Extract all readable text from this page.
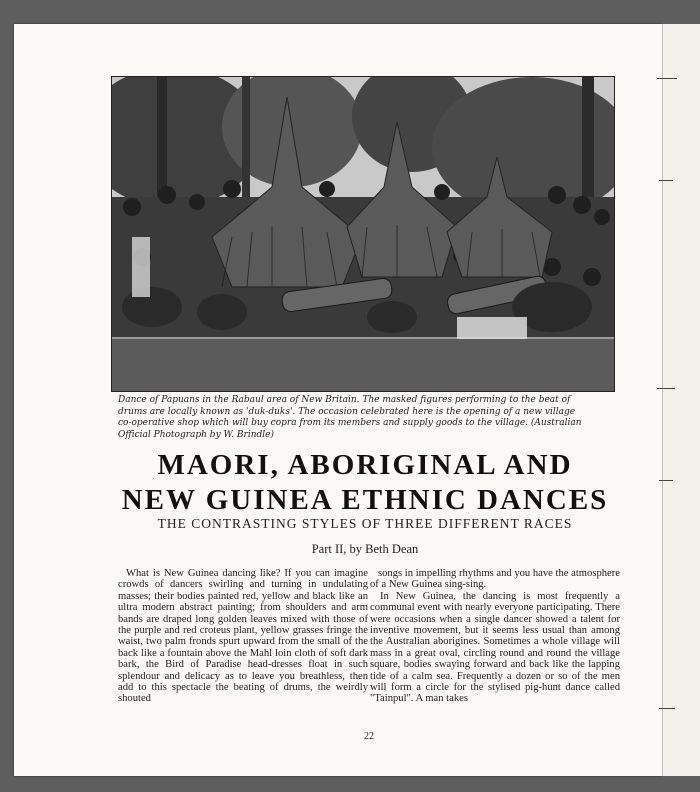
Dance of Papuans in the Rabaul area of New Britain. The masked figures performing to the beat of drums are locally known as 'duk-duks'. The occasion celebrated here is the opening of a new village co-operative shop which will buy copra from its members and supply goods to the village. (Australian Official Photograph by W. Brindle)

MAORI, ABORIGINAL AND
NEW GUINEA ETHNIC DANCES

THE CONTRASTING STYLES OF THREE DIFFERENT RACES

Part II, by Beth Dean

What is New Guinea dancing like? If you can imagine crowds of dancers swirling and turning in undulating masses; their bodies painted red, yellow and black like an ultra modern abstract painting; from shoulders and arm bands are draped long golden leaves mixed with those of the purple and red croteus plant, yellow grasses fringe the waist, two palm fronds spurt upward from the small of the back like a fountain above the Mahl loin cloth of soft dark bark, the Bird of Paradise head-dresses float in such splendour and delicacy as to leave you breathless, then add to this spectacle the beating of drums, the weirdly shouted

songs in impelling rhythms and you have the atmosphere of a New Guinea sing-sing.

In New Guinea, the dancing is most frequently a communal event with nearly everyone participating. There were occasions when a single dancer showed a talent for inventive movement, but it seems less usual than among the Australian aborigines. Sometimes a whole village will mass in a great oval, circling round and round the village square, bodies swaying forward and back like the lapping tide of a calm sea. Frequently a dozen or so of the men will form a circle for the stylised pig-hunt dance called "Tainpul". A man takes

22
